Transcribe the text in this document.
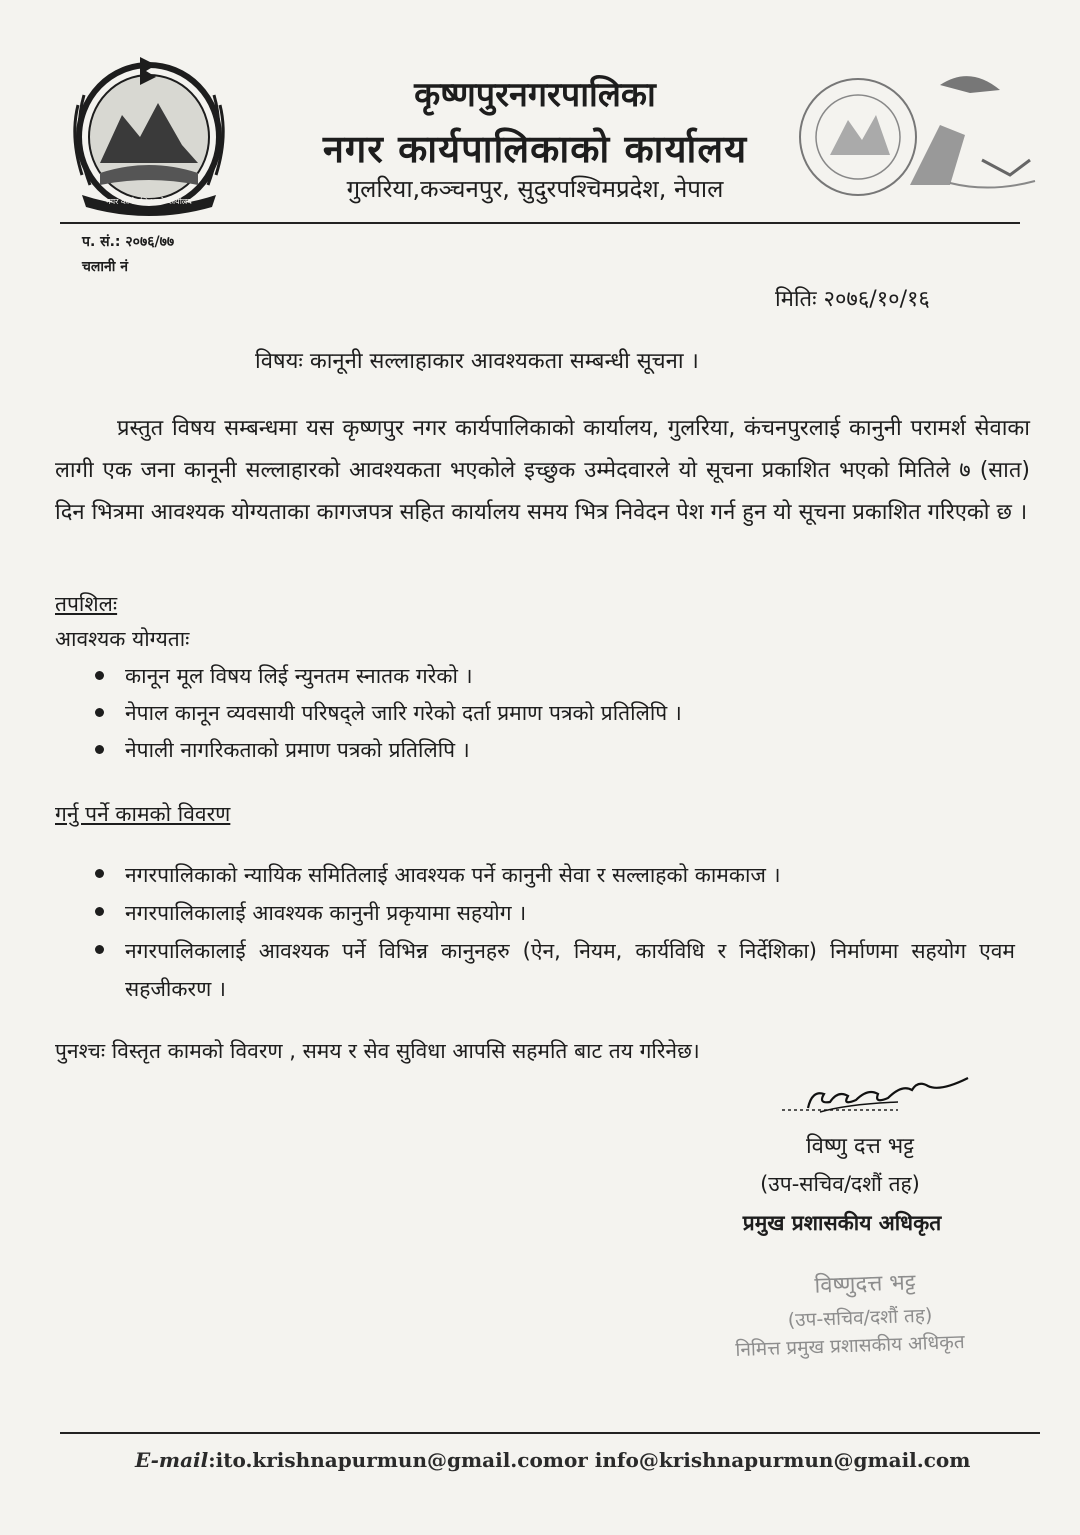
नगर कार्यपालिकाको कार्यालय
कृष्णपुरनगरपालिका
नगर कार्यपालिकाको कार्यालय
गुलरिया,कञ्चनपुर, सुदुरपश्चिमप्रदेश, नेपाल
प. सं.: २०७६/७७
चलानी नं
मितिः २०७६/१०/१६
विषयः कानूनी सल्लाहाकार आवश्यकता सम्बन्धी सूचना ।
प्रस्तुत विषय सम्बन्धमा यस कृष्णपुर नगर कार्यपालिकाको कार्यालय, गुलरिया, कंचनपुरलाई कानुनी परामर्श सेवाका लागी एक जना कानूनी सल्लाहारको आवश्यकता भएकोले इच्छुक उम्मेदवारले यो सूचना प्रकाशित भएको मितिले ७ (सात) दिन भित्रमा आवश्यक योग्यताका कागजपत्र सहित कार्यालय समय भित्र निवेदन पेश गर्न हुन यो सूचना प्रकाशित गरिएको छ ।
तपशिलः
आवश्यक योग्यताः
कानून मूल विषय लिई न्युनतम स्नातक गरेको ।
नेपाल कानून व्यवसायी परिषद्ले जारि गरेको दर्ता प्रमाण पत्रको प्रतिलिपि ।
नेपाली नागरिकताको प्रमाण पत्रको प्रतिलिपि ।
गर्नु पर्ने कामको विवरण
नगरपालिकाको न्यायिक समितिलाई आवश्यक पर्ने कानुनी सेवा र सल्लाहको कामकाज ।
नगरपालिकालाई आवश्यक कानुनी प्रकृयामा सहयोग ।
नगरपालिकालाई आवश्यक पर्ने विभिन्न कानुनहरु (ऐन, नियम, कार्यविधि र निर्देशिका) निर्माणमा सहयोग एवम सहजीकरण ।
पुनश्चः विस्तृत कामको विवरण , समय र सेव सुविधा आपसि सहमति बाट तय गरिनेछ।
विष्णु दत्त भट्ट
(उप-सचिव/दशौं तह)
प्रमुख प्रशासकीय अधिकृत
विष्णुदत्त भट्ट
(उप-सचिव/दशौं तह)
निमित्त प्रमुख प्रशासकीय अधिकृत
E-mail:ito.krishnapurmun@gmail.comor info@krishnapurmun@gmail.com
